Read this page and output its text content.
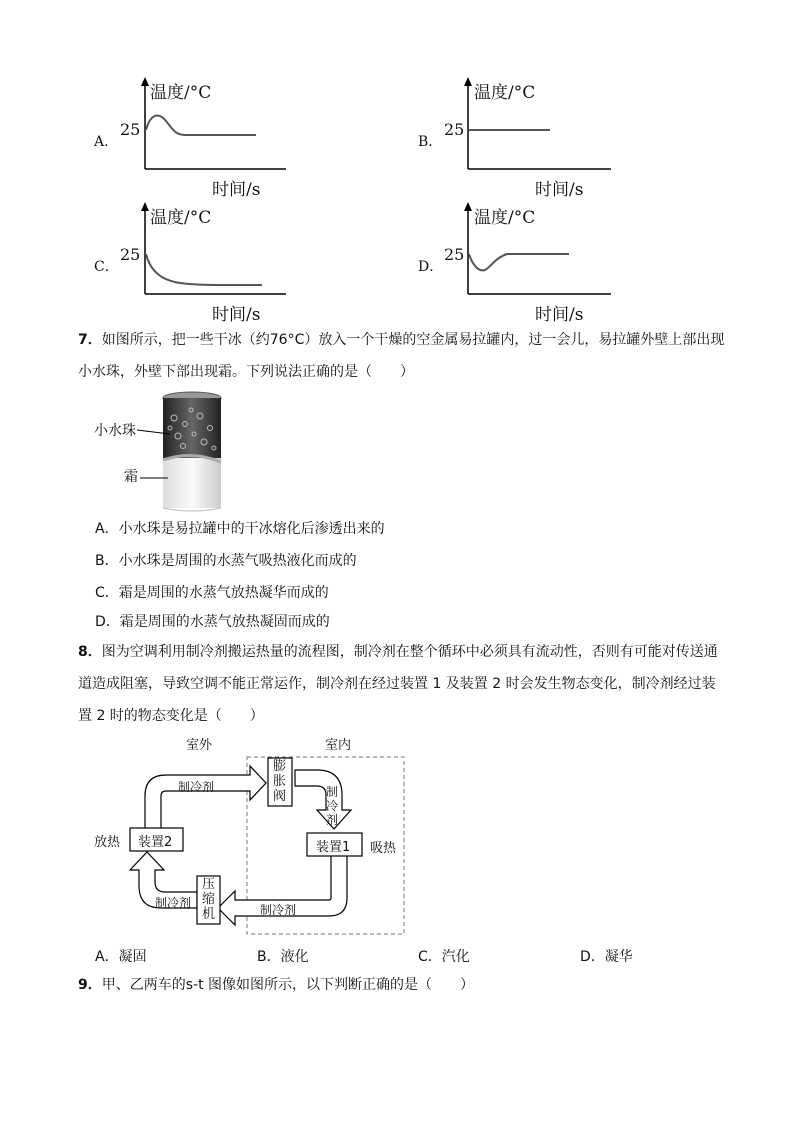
A．
温度/°C
25
时间/s
B．
温度/°C
25
时间/s
C．
温度/°C
25
时间/s
D．
温度/°C
25
时间/s
7．如图所示，把一些干冰（约76°C）放入一个干燥的空金属易拉罐内，过一会儿，易拉罐外壁上部出现
小水珠，外壁下部出现霜。下列说法正确的是（　　）
小水珠
霜
A．小水珠是易拉罐中的干冰熔化后渗透出来的
B．小水珠是周围的水蒸气吸热液化而成的
C．霜是周围的水蒸气放热凝华而成的
D．霜是周围的水蒸气放热凝固而成的
8．图为空调利用制冷剂搬运热量的流程图，制冷剂在整个循环中必须具有流动性，否则有可能对传送通
道造成阻塞，导致空调不能正常运作，制冷剂在经过装置 1 及装置 2 时会发生物态变化，制冷剂经过装
置 2 时的物态变化是（　　）
室外	室内
装置2	装置1
放热	吸热
膨胀阀
压缩机
制冷剂	制冷剂
制冷剂
制冷剂
A．凝固	B．液化	C．汽化	D．凝华
9．甲、乙两车的s-t 图像如图所示，以下判断正确的是（　　）
